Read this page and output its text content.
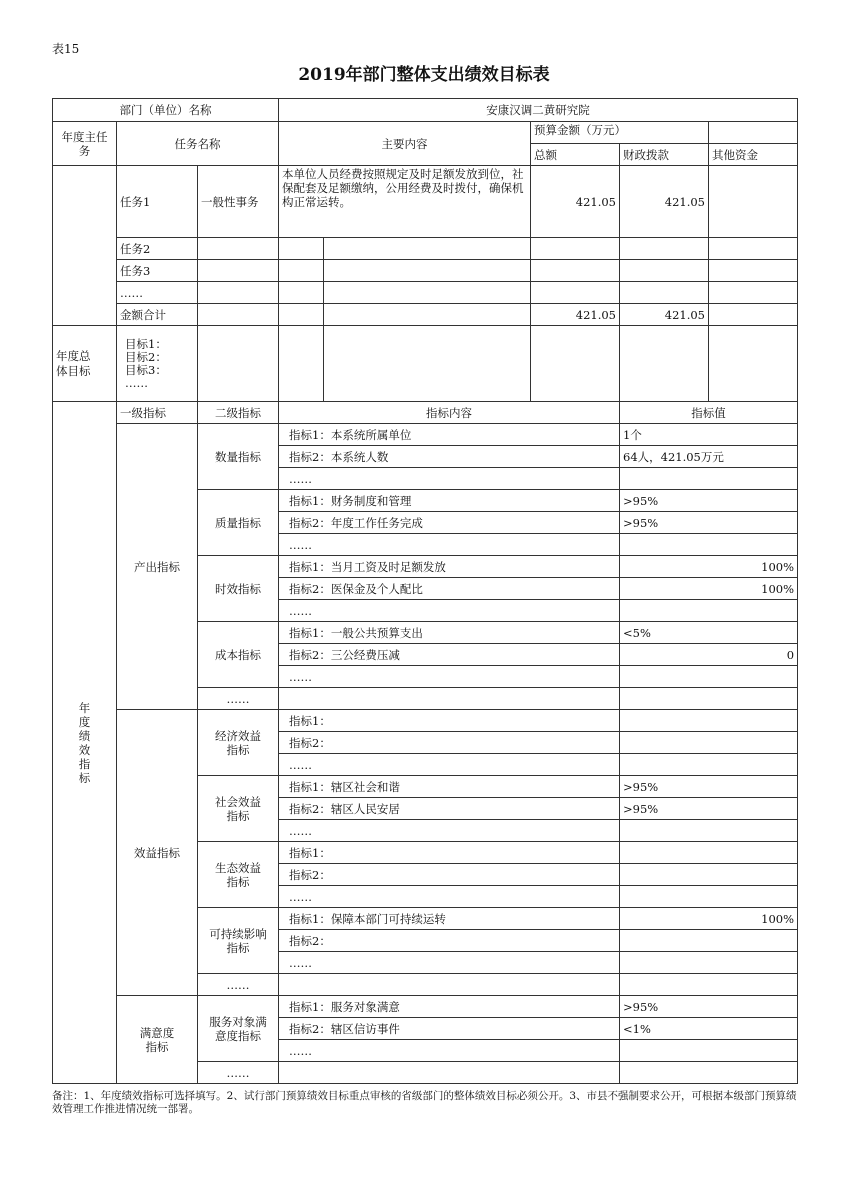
表15
2019年部门整体支出绩效目标表
部门（单位）名称			安康汉调二黄研究院				
年度主任务	任务名称		主要内容		预算金额（万元）		

					总额	财政拨款	其他资金
	任务1	一般性事务	本单位人员经费按照规定及时足额发放到位，社保配套及足额缴纳，公用经费及时拨付，确保机构正常运转。		421.05	421.05	
	任务2						
	任务3						
	……						
	金额合计				421.05	421.05	

年度总体目标	目标1：
目标2：
目标3：
……						

年度绩效指标	一级指标	二级指标	指标内容			指标值	
	产出指标	数量指标	指标1：本系统所属单位			1个	
			指标2：本系统人数			64人，421.05万元	
			……				
		质量指标	指标1：财务制度和管理			>95%	
			指标2：年度工作任务完成			>95%	
			……				
		时效指标	指标1：当月工资及时足额发放			100%	
			指标2：医保金及个人配比			100%	
			……				
		成本指标	指标1：一般公共预算支出			<5%	
			指标2：三公经费压减			0	
			……				
		……					
	效益指标	经济效益指标	指标1：				
			指标2：				
			……				

		社会效益指标	指标1：辖区社会和谐			>95%	
			指标2：辖区人民安居			>95%	
			……				

		生态效益指标	指标1：				
			指标2：				
			……				

		可持续影响指标	指标1：保障本部门可持续运转			100%	
			指标2：				
			……				
		……					

	满意度指标	服务对象满意度指标	指标1：服务对象满意			>95%	
			指标2：辖区信访事件			<1%	
			……				
		……					
备注：1、年度绩效指标可选择填写。2、试行部门预算绩效目标重点审核的省级部门的整体绩效目标必须公开。3、市县不强制要求公开，可根据本级部门预算绩效管理工作推进情况统一部署。
